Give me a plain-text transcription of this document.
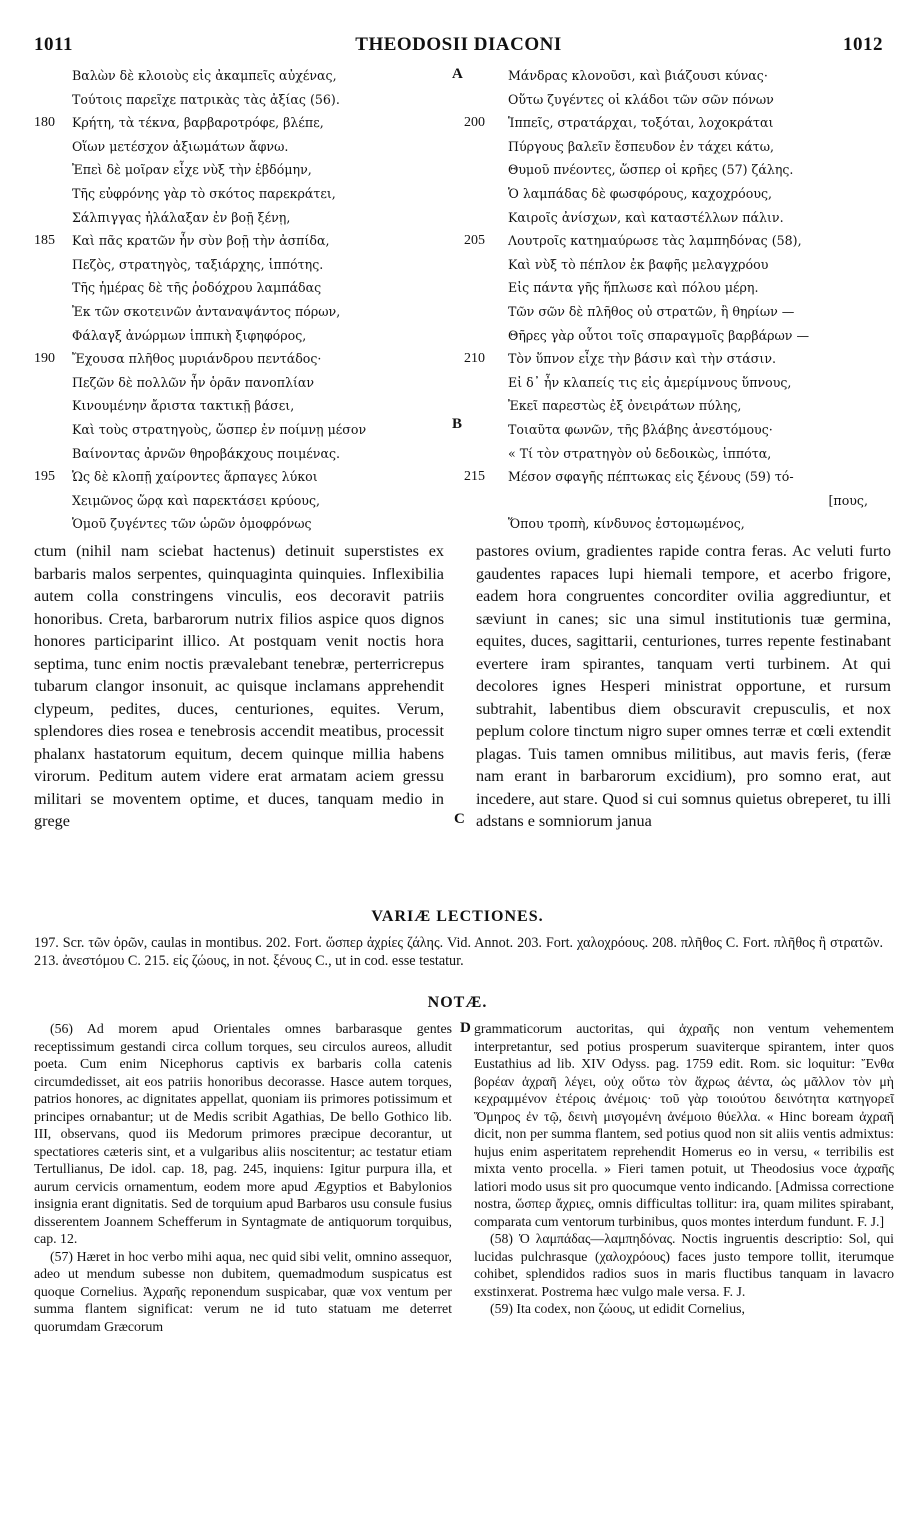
1011	THEODOSII DIACONI	1012
Βαλὼν δὲ κλοιοὺς εἰς ἀκαμπεῖς αὐχένας,
Τούτοις παρεῖχε πατρικὰς τὰς ἀξίας (56).
180	Κρήτη, τὰ τέκνα, βαρβαροτρόφε, βλέπε,
Οἵων μετέσχον ἀξιωμάτων ἄφνω.
Ἐπεὶ δὲ μοῖραν εἶχε νὺξ τὴν ἑβδόμην,
Τῆς εὐφρόνης γὰρ τὸ σκότος παρεκράτει,
Σάλπιγγας ἠλάλαξαν ἐν βοῇ ξένῃ,
185	Καὶ πᾶς κρατῶν ἦν σὺν βοῇ τὴν ἀσπίδα,
Πεζὸς, στρατηγὸς, ταξιάρχης, ἱππότης.
Τῆς ἡμέρας δὲ τῆς ῥοδόχρου λαμπάδας
Ἐκ τῶν σκοτεινῶν ἀνταναψάντος πόρων,
Φάλαγξ ἀνώρμων ἱππικὴ ξιφηφόρος,
190	Ἔχουσα πλῆθος μυριάνδρου πεντάδος·
Πεζῶν δὲ πολλῶν ἦν ὁρᾶν πανοπλίαν
Κινουμένην ἄριστα τακτικῇ βάσει,
Καὶ τοὺς στρατηγοὺς, ὥσπερ ἐν ποίμνῃ μέσον
Βαίνοντας ἀρνῶν θηροβάκχους ποιμένας.
195	Ὡς δὲ κλοπῇ χαίροντες ἅρπαγες λύκοι
Χειμῶνος ὥρᾳ καὶ παρεκτάσει κρύους,
Ὁμοῦ ζυγέντες τῶν ὡρῶν ὁμοφρόνως
Μάνδρας κλονοῦσι, καὶ βιάζουσι κύνας·
Οὕτω ζυγέντες οἱ κλάδοι τῶν σῶν πόνων
200	Ἱππεῖς, στρατάρχαι, τοξόται, λοχοκράται
Πύργους βαλεῖν ἔσπευδον ἐν τάχει κάτω,
Θυμοῦ πνέοντες, ὥσπερ οἱ κρῆες (57) ζάλης.
Ὁ λαμπάδας δὲ φωσφόρους, καχοχρόους,
Καιροῖς ἀνίσχων, καὶ καταστέλλων πάλιν.
205	Λουτροῖς κατημαύρωσε τὰς λαμπηδόνας (58),
Καὶ νὺξ τὸ πέπλον ἐκ βαφῆς μελαγχρόου
Εἰς πάντα γῆς ἥπλωσε καὶ πόλου μέρη.
Τῶν σῶν δὲ πλῆθος οὐ στρατῶν, ἢ θηρίων —
Θῆρες γὰρ οὗτοι τοῖς σπαραγμοῖς βαρβάρων —
210	Τὸν ὕπνον εἶχε τὴν βάσιν καὶ τὴν στάσιν.
Εἰ δ᾽ ἦν κλαπείς τις εἰς ἀμερίμνους ὕπνους,
Ἐκεῖ παρεστὼς ἐξ ὀνειράτων πύλης,
Τοιαῦτα φωνῶν, τῆς βλάβης ἀνεστόμους·
« Τί τὸν στρατηγὸν οὐ δεδοικὼς, ἱππότα,
215	Μέσον σφαγῆς πέπτωκας εἰς ξένους (59) τό-
[πους,
Ὅπου τροπὴ, κίνδυνος ἐστομωμένος,
A
B
ctum (nihil nam sciebat hactenus) detinuit superstistes ex barbaris malos serpentes, quinquaginta quinquies. Inflexibilia autem colla constringens vinculis, eos decoravit patriis honoribus. Creta, barbarorum nutrix filios aspice quos dignos honores participarint illico. At postquam venit noctis hora septima, tunc enim noctis prævalebant tenebræ, perterricrepus tubarum clangor insonuit, ac quisque inclamans apprehendit clypeum, pedites, duces, centuriones, equites. Verum, splendores dies rosea e tenebrosis accendit meatibus, processit phalanx hastatorum equitum, decem quinque millia habens virorum. Peditum autem videre erat armatam aciem gressu militari se moventem optime, et duces, tanquam medio in grege
pastores ovium, gradientes rapide contra feras. Ac veluti furto gaudentes rapaces lupi hiemali tempore, et acerbo frigore, eadem hora congruentes concorditer ovilia aggrediuntur, et sæviunt in canes; sic una simul institutionis tuæ germina, equites, duces, sagittarii, centuriones, turres repente festinabant evertere iram spirantes, tanquam verti turbinem. At qui decolores ignes Hesperi ministrat opportune, et rursum subtrahit, labentibus diem obscuravit crepusculis, et nox peplum colore tinctum nigro super omnes terræ et cœli extendit plagas. Tuis tamen omnibus militibus, aut mavis feris, (feræ nam erant in barbarorum excidium), pro somno erat, aut incedere, aut stare. Quod si cui somnus quietus obreperet, tu illi adstans e somniorum janua
C
VARIÆ LECTIONES.
197. Scr. τῶν ὀρῶν, caulas in montibus. 202. Fort. ὥσπερ ἀχρίες ζάλης. Vid. Annot. 203. Fort. χαλοχρόους. 208. πλῆθος C. Fort. πλῆθος ἢ στρατῶν. 213. ἀνεστόμου C. 215. εἰς ζώους, in not. ξένους C., ut in cod. esse testatur.
NOTÆ.

(56) Ad morem apud Orientales omnes barbarasque gentes receptissimum gestandi circa collum torques, seu circulos aureos, alludit poeta. Cum enim Nicephorus captivis ex barbaris colla catenis circumdedisset, ait eos patriis honoribus decorasse. Hasce autem torques, patrios honores, ac dignitates appellat, quoniam iis primores potissimum et principes ornabantur; ut de Medis scribit Agathias, De bello Gothico lib. III, observans, quod iis Medorum primores præcipue decorantur, ut spectatiores cæteris sint, et a vulgaribus aliis noscitentur; ac testatur etiam Tertullianus, De idol. cap. 18, pag. 245, inquiens: Igitur purpura illa, et aurum cervicis ornamentum, eodem more apud Ægyptios et Babylonios insignia erant dignitatis. Sed de torquium apud Barbaros usu consule fusius disserentem Joannem Schefferum in Syntagmate de antiquorum torquibus, cap. 12.

(57) Hæret in hoc verbo mihi aqua, nec quid sibi velit, omnino assequor, adeo ut mendum subesse non dubitem, quemadmodum suspicatus est quoque Cornelius. Ἀχραῆς reponendum suspicabar, quæ vox ventum per summa flantem significat: verum ne id tuto statuam me deterret quorumdam Græcorum

grammaticorum auctoritas, qui ἀχραῆς non ventum vehementem interpretantur, sed potius prosperum suaviterque spirantem, inter quos Eustathius ad lib. XIV Odyss. pag. 1759 edit. Rom. sic loquitur: Ἔνθα βορέαν ἀχραῆ λέγει, οὐχ οὕτω τὸν ἄχρως ἀέντα, ὡς μᾶλλον τὸν μὴ κεχραμμένον ἑτέροις ἀνέμοις· τοῦ γὰρ τοιούτου δεινότητα κατηγορεῖ Ὅμηρος ἐν τῷ, δεινὴ μισγομένη ἀνέμοιο θύελλα. « Hinc boream ἀχραῆ dicit, non per summa flantem, sed potius quod non sit aliis ventis admixtus: hujus enim asperitatem reprehendit Homerus eo in versu, « terribilis est mixta vento procella. » Fieri tamen potuit, ut Theodosius voce ἀχραῆς latiori modo usus sit pro quocumque vento indicando. [Admissa correctione nostra, ὥσπερ ἄχριες, omnis difficultas tollitur: ira, quam milites spirabant, comparata cum ventorum turbinibus, quos montes interdum fundunt. F. J.]

(58) Ὁ λαμπάδας—λαμπηδόνας. Noctis ingruentis descriptio: Sol, qui lucidas pulchrasque (χαλοχρόους) faces justo tempore tollit, iterumque cohibet, splendidos radios suos in maris fluctibus tanquam in lavacro exstinxerat. Postrema hæc vulgo male versa. F. J.

(59) Ita codex, non ζώους, ut edidit Cornelius,

D
